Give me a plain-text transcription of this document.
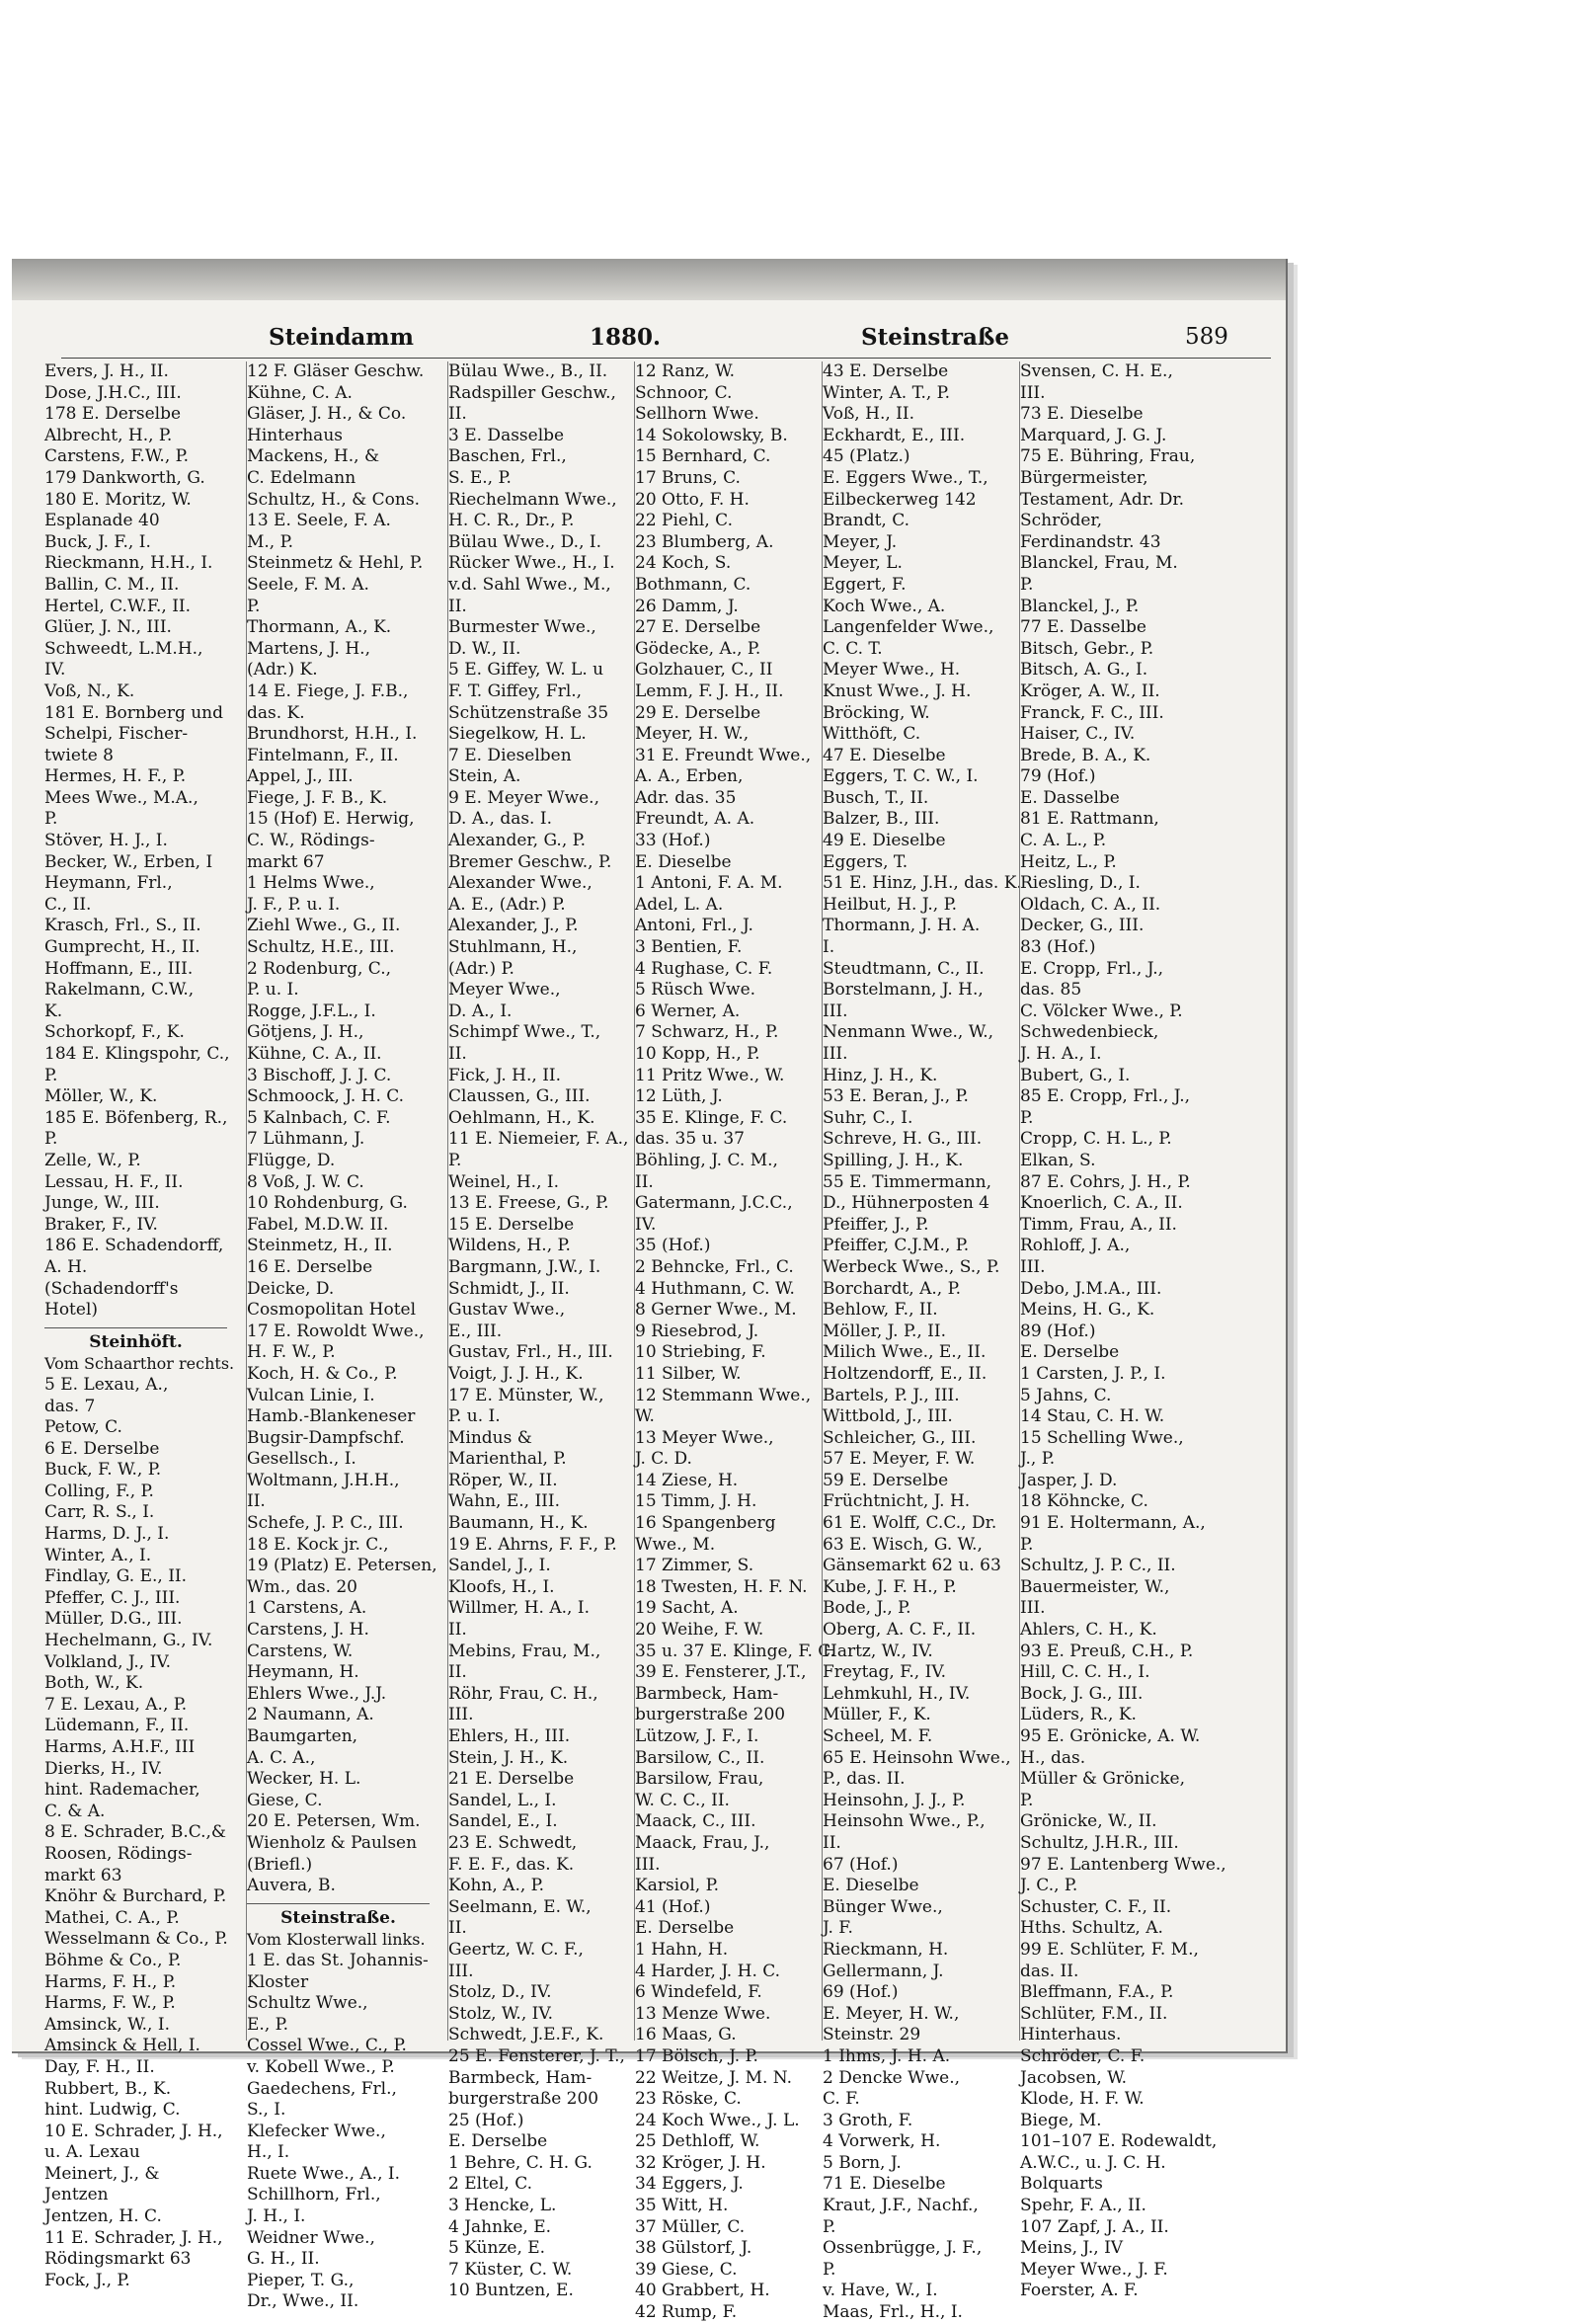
Steindamm	1880.	Steinstraße	589
Evers, J. H., II.
Dose, J.H.C., III.
178 E. Derselbe
Albrecht, H., P.
Carstens, F.W., P.
179 Dankworth, G.
180 E. Moritz, W.
Esplanade 40
Buck, J. F., I.
Rieckmann, H.H., I.
Ballin, C. M., II.
Hertel, C.W.F., II.
Glüer, J. N., III.
Schweedt, L.M.H.,
IV.
Voß, N., K.
181 E. Bornberg und
Schelpi, Fischer-
twiete 8
Hermes, H. F., P.
Mees Wwe., M.A.,
P.
Stöver, H. J., I.
Becker, W., Erben, I
Heymann, Frl.,
C., II.
Krasch, Frl., S., II.
Gumprecht, H., II.
Hoffmann, E., III.
Rakelmann, C.W.,
K.
Schorkopf, F., K.
184 E. Klingspohr, C.,
P.
Möller, W., K.
185 E. Böfenberg, R.,
P.
Zelle, W., P.
Lessau, H. F., II.
Junge, W., III.
Braker, F., IV.
186 E. Schadendorff,
A. H.
(Schadendorff's
Hotel)
Steinhöft.
Vom Schaarthor rechts.
5 E. Lexau, A.,
das. 7
Petow, C.
6 E. Derselbe
Buck, F. W., P.
Colling, F., P.
Carr, R. S., I.
Harms, D. J., I.
Winter, A., I.
Findlay, G. E., II.
Pfeffer, C. J., III.
Müller, D.G., III.
Hechelmann, G., IV.
Volkland, J., IV.
Both, W., K.
7 E. Lexau, A., P.
Lüdemann, F., II.
Harms, A.H.F., III
Dierks, H., IV.
hint. Rademacher,
C. & A.
8 E. Schrader, B.C.,&
Roosen, Rödings-
markt 63
Knöhr & Burchard, P.
Mathei, C. A., P.
Wesselmann & Co., P.
Böhme & Co., P.
Harms, F. H., P.
Harms, F. W., P.
Amsinck, W., I.
Amsinck & Hell, I.
Day, F. H., II.
Rubbert, B., K.
hint. Ludwig, C.
10 E. Schrader, J. H.,
u. A. Lexau
Meinert, J., &
Jentzen
Jentzen, H. C.
11 E. Schrader, J. H.,
Rödingsmarkt 63
Fock, J., P.
12 F. Gläser Geschw.
Kühne, C. A.
Gläser, J. H., & Co.
Hinterhaus
Mackens, H., &
C. Edelmann
Schultz, H., & Cons.
13 E. Seele, F. A.
M., P.
Steinmetz & Hehl, P.
Seele, F. M. A.
P.
Thormann, A., K.
Martens, J. H.,
(Adr.) K.
14 E. Fiege, J. F.B.,
das. K.
Brundhorst, H.H., I.
Fintelmann, F., II.
Appel, J., III.
Fiege, J. F. B., K.
15 (Hof) E. Herwig,
C. W., Rödings-
markt 67
1 Helms Wwe.,
J. F., P. u. I.
Ziehl Wwe., G., II.
Schultz, H.E., III.
2 Rodenburg, C.,
P. u. I.
Rogge, J.F.L., I.
Götjens, J. H.,
Kühne, C. A., II.
3 Bischoff, J. J. C.
Schmoock, J. H. C.
5 Kalnbach, C. F.
7 Lühmann, J.
Flügge, D.
8 Voß, J. W. C.
10 Rohdenburg, G.
Fabel, M.D.W. II.
Steinmetz, H., II.
16 E. Derselbe
Deicke, D.
Cosmopolitan Hotel
17 E. Rowoldt Wwe.,
H. F. W., P.
Koch, H. & Co., P.
Vulcan Linie, I.
Hamb.-Blankeneser
Bugsir-Dampfschf.
Gesellsch., I.
Woltmann, J.H.H.,
II.
Schefe, J. P. C., III.
18 E. Kock jr. C.,
19 (Platz) E. Petersen,
Wm., das. 20
1 Carstens, A.
Carstens, J. H.
Carstens, W.
Heymann, H.
Ehlers Wwe., J.J.
2 Naumann, A.
Baumgarten,
A. C. A.,
Wecker, H. L.
Giese, C.
20 E. Petersen, Wm.
Wienholz & Paulsen
(Briefl.)
Auvera, B.
Steinstraße.
Vom Klosterwall links.
1 E. das St. Johannis-
Kloster
Schultz Wwe.,
E., P.
Cossel Wwe., C., P.
v. Kobell Wwe., P.
Gaedechens, Frl.,
S., I.
Klefecker Wwe.,
H., I.
Ruete Wwe., A., I.
Schillhorn, Frl.,
J. H., I.
Weidner Wwe.,
G. H., II.
Pieper, T. G.,
Dr., Wwe., II.
Bülau Wwe., B., II.
Radspiller Geschw.,
II.
3 E. Dasselbe
Baschen, Frl.,
S. E., P.
Riechelmann Wwe.,
H. C. R., Dr., P.
Bülau Wwe., D., I.
Rücker Wwe., H., I.
v.d. Sahl Wwe., M.,
II.
Burmester Wwe.,
D. W., II.
5 E. Giffey, W. L. u
F. T. Giffey, Frl.,
Schützenstraße 35
Siegelkow, H. L.
7 E. Dieselben
Stein, A.
9 E. Meyer Wwe.,
D. A., das. I.
Alexander, G., P.
Bremer Geschw., P.
Alexander Wwe.,
A. E., (Adr.) P.
Alexander, J., P.
Stuhlmann, H.,
(Adr.) P.
Meyer Wwe.,
D. A., I.
Schimpf Wwe., T.,
II.
Fick, J. H., II.
Claussen, G., III.
Oehlmann, H., K.
11 E. Niemeier, F. A.,
P.
Weinel, H., I.
13 E. Freese, G., P.
15 E. Derselbe
Wildens, H., P.
Bargmann, J.W., I.
Schmidt, J., II.
Gustav Wwe.,
E., III.
Gustav, Frl., H., III.
Voigt, J. J. H., K.
17 E. Münster, W.,
P. u. I.
Mindus &
Marienthal, P.
Röper, W., II.
Wahn, E., III.
Baumann, H., K.
19 E. Ahrns, F. F., P.
Sandel, J., I.
Kloofs, H., I.
Willmer, H. A., I.
II.
Mebins, Frau, M.,
II.
Röhr, Frau, C. H.,
III.
Ehlers, H., III.
Stein, J. H., K.
21 E. Derselbe
Sandel, L., I.
Sandel, E., I.
23 E. Schwedt,
F. E. F., das. K.
Kohn, A., P.
Seelmann, E. W.,
II.
Geertz, W. C. F.,
III.
Stolz, D., IV.
Stolz, W., IV.
Schwedt, J.E.F., K.
25 E. Fensterer, J. T.,
Barmbeck, Ham-
burgerstraße 200
25 (Hof.)
E. Derselbe
1 Behre, C. H. G.
2 Eltel, C.
3 Hencke, L.
4 Jahnke, E.
5 Künze, E.
7 Küster, C. W.
10 Buntzen, E.
12 Ranz, W.
Schnoor, C.
Sellhorn Wwe.
14 Sokolowsky, B.
15 Bernhard, C.
17 Bruns, C.
20 Otto, F. H.
22 Piehl, C.
23 Blumberg, A.
24 Koch, S.
Bothmann, C.
26 Damm, J.
27 E. Derselbe
Gödecke, A., P.
Golzhauer, C., II
Lemm, F. J. H., II.
29 E. Derselbe
Meyer, H. W.,
31 E. Freundt Wwe.,
A. A., Erben,
Adr. das. 35
Freundt, A. A.
33 (Hof.)
E. Dieselbe
1 Antoni, F. A. M.
Adel, L. A.
Antoni, Frl., J.
3 Bentien, F.
4 Rughase, C. F.
5 Rüsch Wwe.
6 Werner, A.
7 Schwarz, H., P.
10 Kopp, H., P.
11 Pritz Wwe., W.
12 Lüth, J.
35 E. Klinge, F. C.
das. 35 u. 37
Böhling, J. C. M.,
II.
Gatermann, J.C.C.,
IV.
35 (Hof.)
2 Behncke, Frl., C.
4 Huthmann, C. W.
8 Gerner Wwe., M.
9 Riesebrod, J.
10 Striebing, F.
11 Silber, W.
12 Stemmann Wwe.,
W.
13 Meyer Wwe.,
J. C. D.
14 Ziese, H.
15 Timm, J. H.
16 Spangenberg
Wwe., M.
17 Zimmer, S.
18 Twesten, H. F. N.
19 Sacht, A.
20 Weihe, F. W.
35 u. 37 E. Klinge, F. C.
39 E. Fensterer, J.T.,
Barmbeck, Ham-
burgerstraße 200
Lützow, J. F., I.
Barsilow, C., II.
Barsilow, Frau,
W. C. C., II.
Maack, C., III.
Maack, Frau, J.,
III.
Karsiol, P.
41 (Hof.)
E. Derselbe
1 Hahn, H.
4 Harder, J. H. C.
6 Windefeld, F.
13 Menze Wwe.
16 Maas, G.
17 Bölsch, J. P.
22 Weitze, J. M. N.
23 Röske, C.
24 Koch Wwe., J. L.
25 Dethloff, W.
32 Kröger, J. H.
34 Eggers, J.
35 Witt, H.
37 Müller, C.
38 Gülstorf, J.
39 Giese, C.
40 Grabbert, H.
42 Rump, F.
43 E. Derselbe
Winter, A. T., P.
Voß, H., II.
Eckhardt, E., III.
45 (Platz.)
E. Eggers Wwe., T.,
Eilbeckerweg 142
Brandt, C.
Meyer, J.
Meyer, L.
Eggert, F.
Koch Wwe., A.
Langenfelder Wwe.,
C. C. T.
Meyer Wwe., H.
Knust Wwe., J. H.
Bröcking, W.
Witthöft, C.
47 E. Dieselbe
Eggers, T. C. W., I.
Busch, T., II.
Balzer, B., III.
49 E. Dieselbe
Eggers, T.
51 E. Hinz, J.H., das. K.
Heilbut, H. J., P.
Thormann, J. H. A.
I.
Steudtmann, C., II.
Borstelmann, J. H.,
III.
Nenmann Wwe., W.,
III.
Hinz, J. H., K.
53 E. Beran, J., P.
Suhr, C., I.
Schreve, H. G., III.
Spilling, J. H., K.
55 E. Timmermann,
D., Hühnerposten 4
Pfeiffer, J., P.
Pfeiffer, C.J.M., P.
Werbeck Wwe., S., P.
Borchardt, A., P.
Behlow, F., II.
Möller, J. P., II.
Milich Wwe., E., II.
Holtzendorff, E., II.
Bartels, P. J., III.
Wittbold, J., III.
Schleicher, G., III.
57 E. Meyer, F. W.
59 E. Derselbe
Früchtnicht, J. H.
61 E. Wolff, C.C., Dr.
63 E. Wisch, G. W.,
Gänsemarkt 62 u. 63
Kube, J. F. H., P.
Bode, J., P.
Oberg, A. C. F., II.
Hartz, W., IV.
Freytag, F., IV.
Lehmkuhl, H., IV.
Müller, F., K.
Scheel, M. F.
65 E. Heinsohn Wwe.,
P., das. II.
Heinsohn, J. J., P.
Heinsohn Wwe., P.,
II.
67 (Hof.)
E. Dieselbe
Bünger Wwe.,
J. F.
Rieckmann, H.
Gellermann, J.
69 (Hof.)
E. Meyer, H. W.,
Steinstr. 29
1 Ihms, J. H. A.
2 Dencke Wwe.,
C. F.
3 Groth, F.
4 Vorwerk, H.
5 Born, J.
71 E. Dieselbe
Kraut, J.F., Nachf.,
P.
Ossenbrügge, J. F.,
P.
v. Have, W., I.
Maas, Frl., H., I.
Svensen, C. H. E.,
III.
73 E. Dieselbe
Marquard, J. G. J.
75 E. Bühring, Frau,
Bürgermeister,
Testament, Adr. Dr.
Schröder,
Ferdinandstr. 43
Blanckel, Frau, M.
P.
Blanckel, J., P.
77 E. Dasselbe
Bitsch, Gebr., P.
Bitsch, A. G., I.
Kröger, A. W., II.
Franck, F. C., III.
Haiser, C., IV.
Brede, B. A., K.
79 (Hof.)
E. Dasselbe
81 E. Rattmann,
C. A. L., P.
Heitz, L., P.
Riesling, D., I.
Oldach, C. A., II.
Decker, G., III.
83 (Hof.)
E. Cropp, Frl., J.,
das. 85
C. Völcker Wwe., P.
Schwedenbieck,
J. H. A., I.
Bubert, G., I.
85 E. Cropp, Frl., J.,
P.
Cropp, C. H. L., P.
Elkan, S.
87 E. Cohrs, J. H., P.
Knoerlich, C. A., II.
Timm, Frau, A., II.
Rohloff, J. A.,
III.
Debo, J.M.A., III.
Meins, H. G., K.
89 (Hof.)
E. Derselbe
1 Carsten, J. P., I.
5 Jahns, C.
14 Stau, C. H. W.
15 Schelling Wwe.,
J., P.
Jasper, J. D.
18 Köhncke, C.
91 E. Holtermann, A.,
P.
Schultz, J. P. C., II.
Bauermeister, W.,
III.
Ahlers, C. H., K.
93 E. Preuß, C.H., P.
Hill, C. C. H., I.
Bock, J. G., III.
Lüders, R., K.
95 E. Grönicke, A. W.
H., das.
Müller & Grönicke,
P.
Grönicke, W., II.
Schultz, J.H.R., III.
97 E. Lantenberg Wwe.,
J. C., P.
Schuster, C. F., II.
Hths. Schultz, A.
99 E. Schlüter, F. M.,
das. II.
Bleffmann, F.A., P.
Schlüter, F.M., II.
Hinterhaus.
Schröder, C. F.
Jacobsen, W.
Klode, H. F. W.
Biege, M.
101–107 E. Rodewaldt,
A.W.C., u. J. C. H.
Bolquarts
Spehr, F. A., II.
107 Zapf, J. A., II.
Meins, J., IV
Meyer Wwe., J. F.
Foerster, A. F.
